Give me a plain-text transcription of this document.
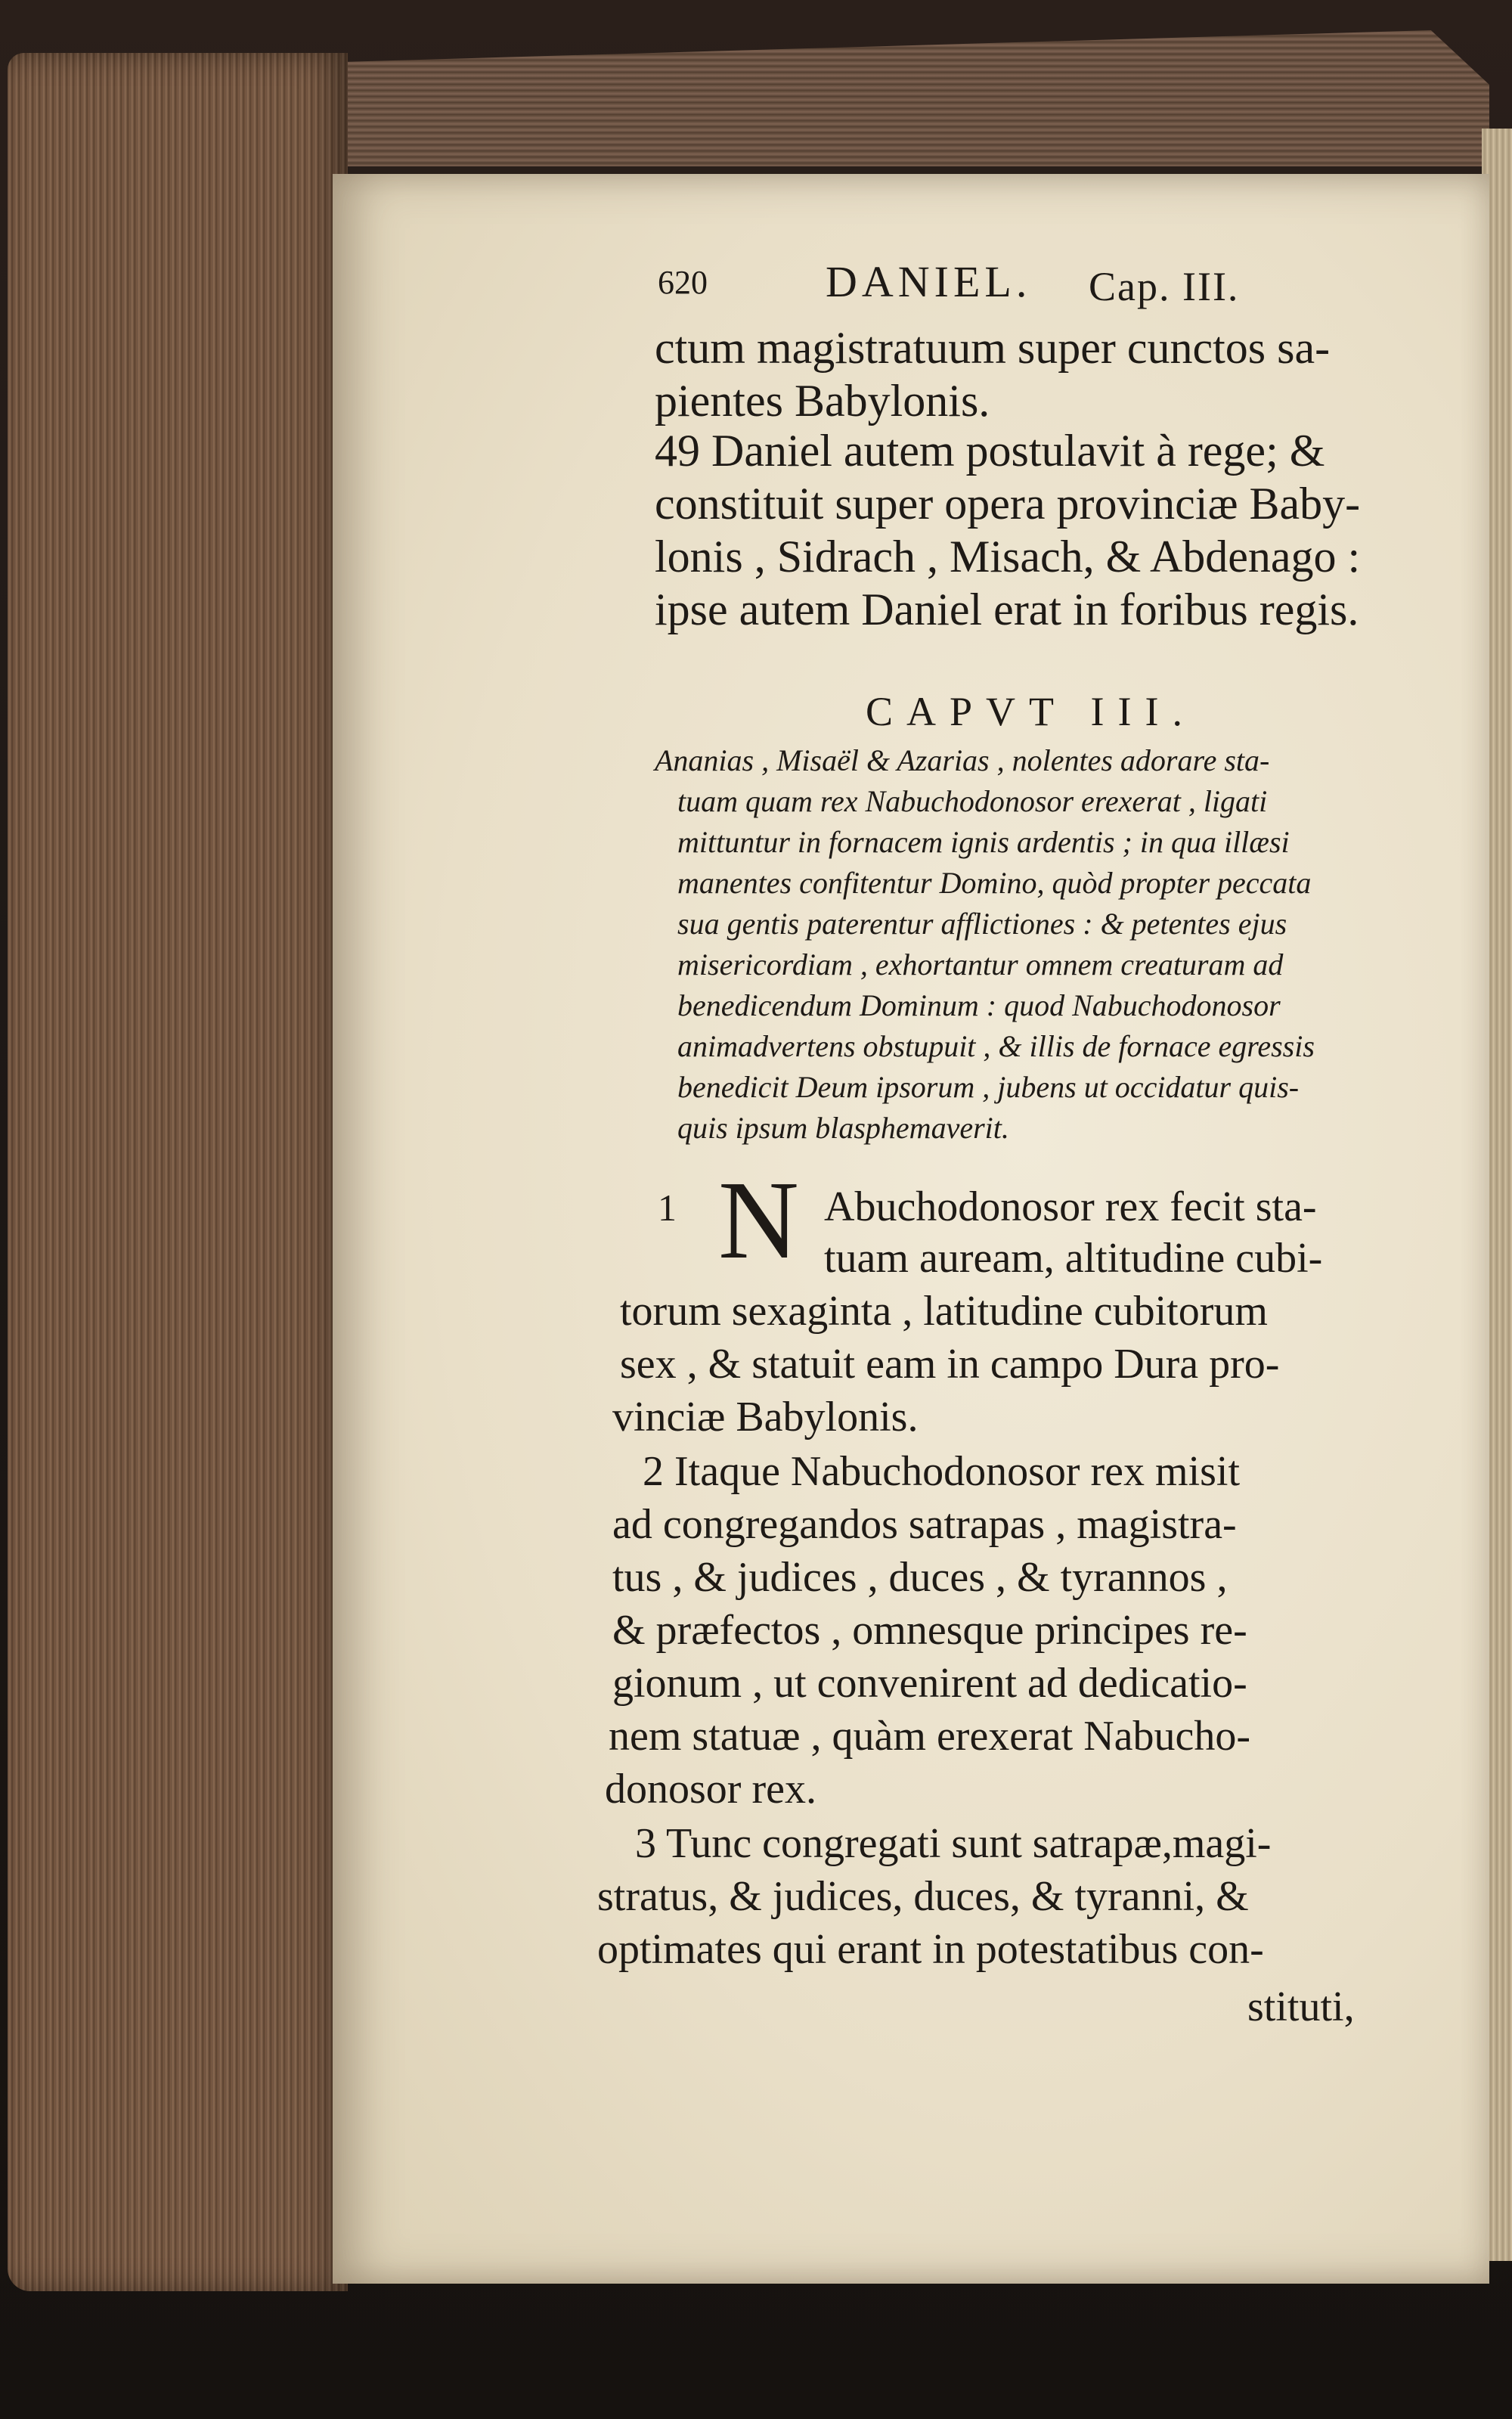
620	DANIEL. Cap. III.
ctum magistratuum super cunctos sa-
pientes Babylonis.
49 Daniel autem postulavit à rege; &
constituit super opera provinciæ Baby-
lonis , Sidrach , Misach, & Abdenago :
ipse autem Daniel erat in foribus regis.
CAPVT III.
Ananias , Misaël & Azarias , nolentes adorare sta-
tuam quam rex Nabuchodonosor erexerat , ligati
mittuntur in fornacem ignis ardentis ; in qua illæsi
manentes confitentur Domino, quòd propter peccata
sua gentis paterentur afflictiones : & petentes ejus
misericordiam , exhortantur omnem creaturam ad
benedicendum Dominum : quod Nabuchodonosor
animadvertens obstupuit , & illis de fornace egressis
benedicit Deum ipsorum , jubens ut occidatur quis-
quis ipsum blasphemaverit.
1 N Abuchodonosor rex fecit sta-
tuam auream, altitudine cubi-
torum sexaginta , latitudine cubitorum
sex , & statuit eam in campo Dura pro-
vinciæ Babylonis.
2 Itaque Nabuchodonosor rex misit
ad congregandos satrapas , magistra-
tus , & judices , duces , & tyrannos ,
& præfectos , omnesque principes re-
gionum , ut convenirent ad dedicatio-
nem statuæ , quàm erexerat Nabucho-
donosor rex.
3 Tunc congregati sunt satrapæ,magi-
stratus, & judices, duces, & tyranni, &
optimates qui erant in potestatibus con-
stituti,
